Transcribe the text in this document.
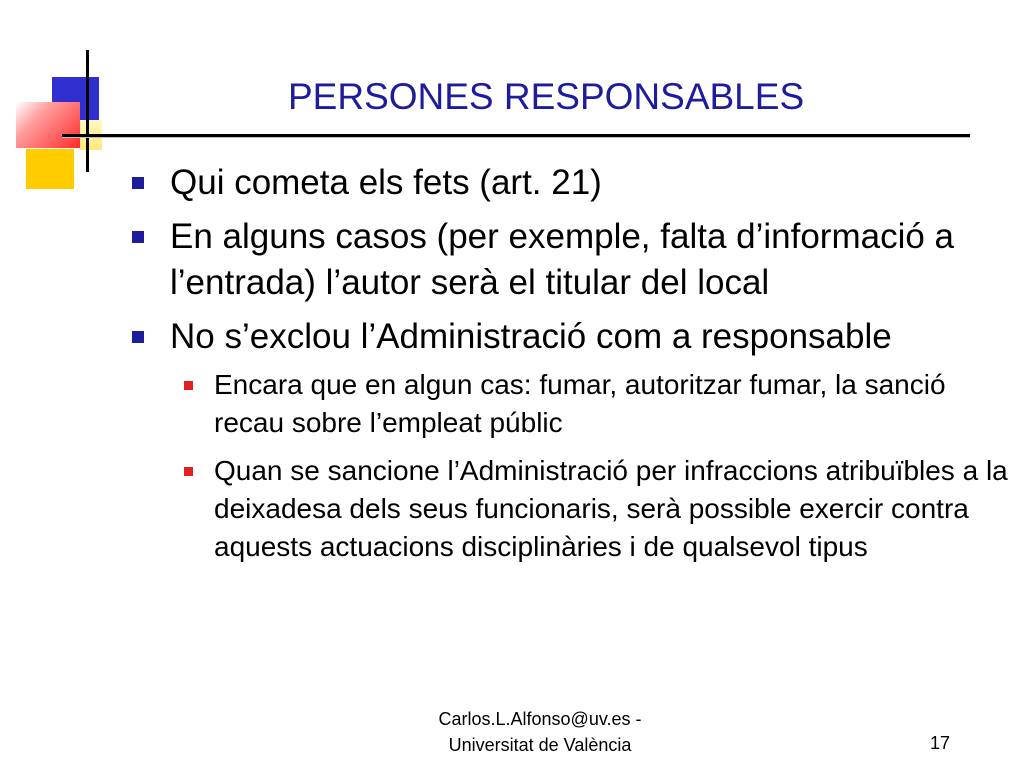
PERSONES RESPONSABLES
Qui cometa els fets (art. 21)
En alguns casos (per exemple, falta d’informació a l’entrada) l’autor serà el titular del local
No s’exclou l’Administració com a responsable
Encara que en algun cas: fumar, autoritzar fumar, la sanció recau sobre l’empleat públic
Quan se sancione l’Administració per infraccions atribuïbles a la deixadesa dels seus funcionaris, serà possible exercir contra aquests actuacions disciplinàries i de qualsevol tipus
Carlos.L.Alfonso@uv.es -
Universitat de València	17
